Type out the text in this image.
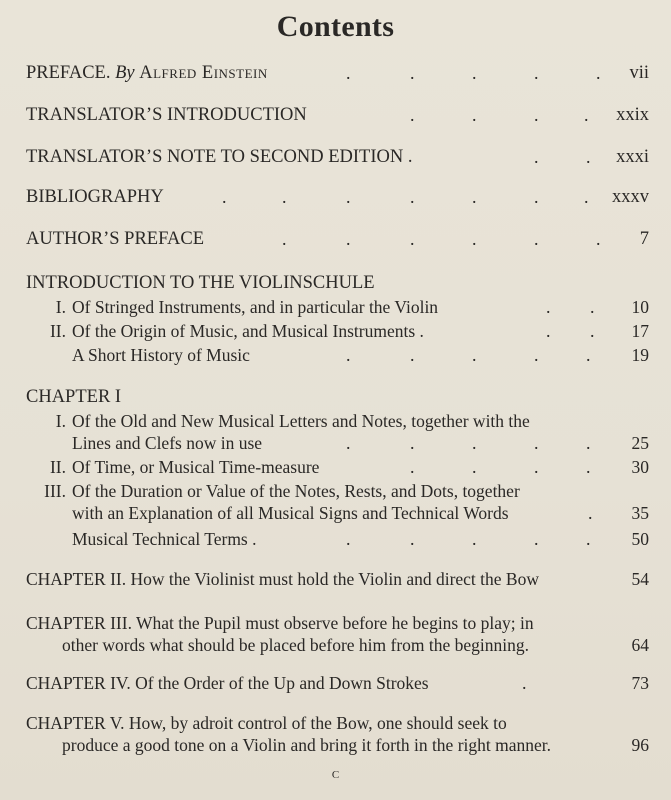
Contents
PREFACE. By Alfred Einstein	.	.	.	.	. vii
TRANSLATOR’S INTRODUCTION	.	.	.	. xxix
TRANSLATOR’S NOTE TO SECOND EDITION .	.	. xxxi
BIBLIOGRAPHY	.	.	.	.	.	.	. xxxv
AUTHOR’S PREFACE	.	.	.	.	.	. 7
INTRODUCTION TO THE VIOLINSCHULE
I. Of Stringed Instruments, and in particular the Violin	. . 10
II. Of the Origin of Music, and Musical Instruments .	. . 17
A Short History of Music	.	.	.	.	. 19
CHAPTER I
I. Of the Old and New Musical Letters and Notes, together with the
Lines and Clefs now in use	.	.	.	.	. 25
II. Of Time, or Musical Time-measure	.	.	.	. 30
III. Of the Duration or Value of the Notes, Rests, and Dots, together
with an Explanation of all Musical Signs and Technical Words	. 35
Musical Technical Terms .	.	.	.	.	. 50
CHAPTER II. How the Violinist must hold the Violin and direct the Bow	54
CHAPTER III. What the Pupil must observe before he begins to play; in
other words what should be placed before him from the beginning.	64
CHAPTER IV. Of the Order of the Up and Down Strokes	.	73
CHAPTER V. How, by adroit control of the Bow, one should seek to
produce a good tone on a Violin and bring it forth in the right manner.	96
c
